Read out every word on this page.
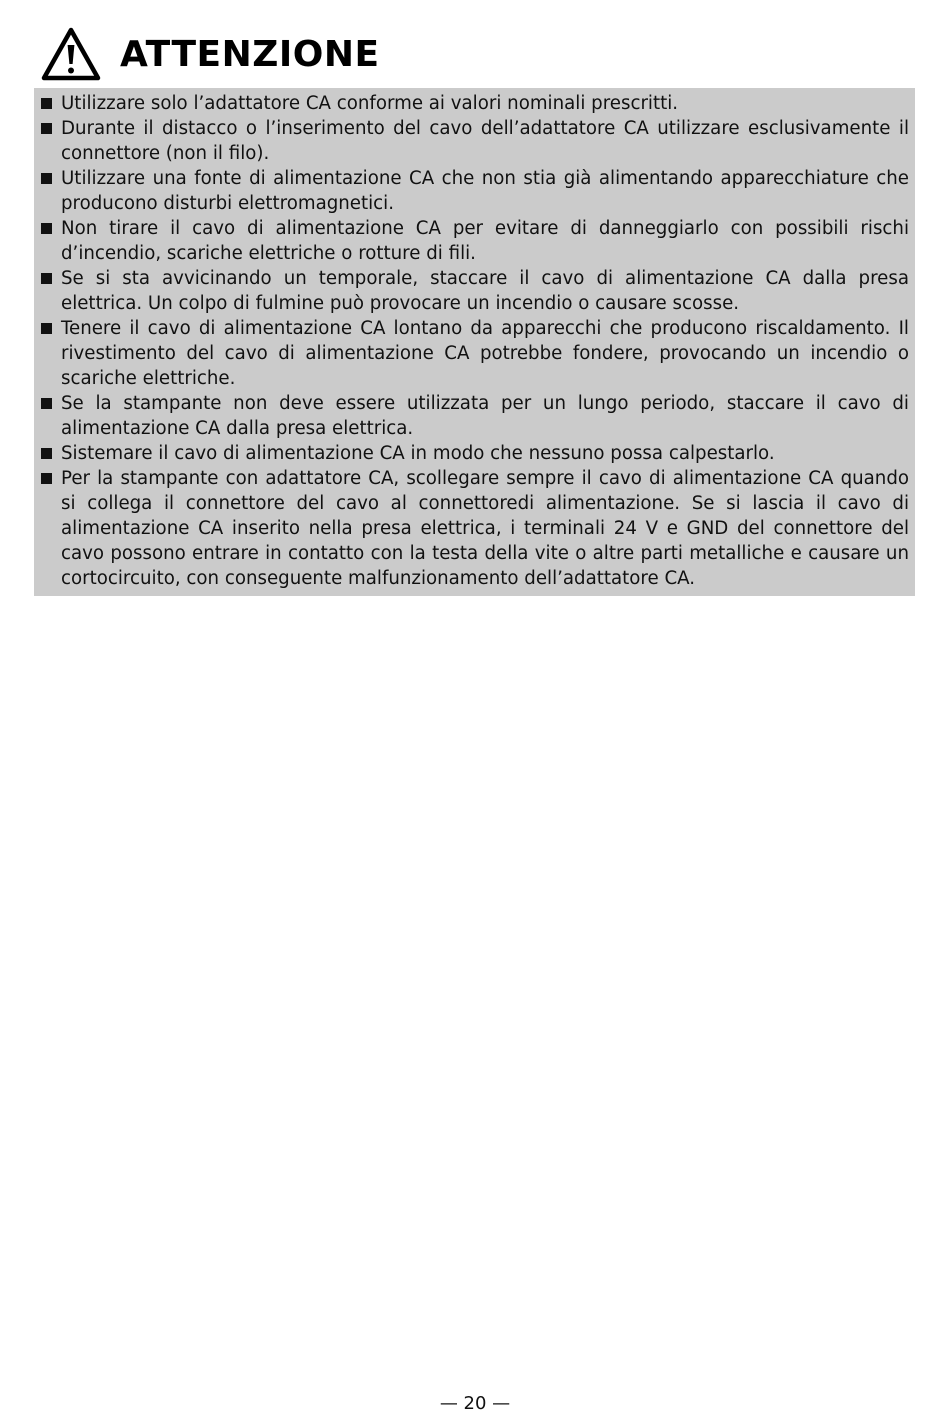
ATTENZIONE
Utilizzare solo l’adattatore CA conforme ai valori nominali prescritti.
Durante il distacco o l’inserimento del cavo dell’adattatore CA utilizzare esclusivamente il connettore (non il filo).
Utilizzare una fonte di alimentazione CA che non stia già alimentando apparecchiature che producono disturbi elettromagnetici.
Non tirare il cavo di alimentazione CA per evitare di danneggiarlo con possibili rischi d’incendio, scariche elettriche o rotture di fili.
Se si sta avvicinando un temporale, staccare il cavo di alimentazione CA dalla presa elettrica. Un colpo di fulmine può provocare un incendio o causare scosse.
Tenere il cavo di alimentazione CA lontano da apparecchi che producono riscaldamento. Il rivestimento del cavo di alimentazione CA potrebbe fondere, provocando un incendio o scariche elettriche.
Se la stampante non deve essere utilizzata per un lungo periodo, staccare il cavo di alimentazione CA dalla presa elettrica.
Sistemare il cavo di alimentazione CA in modo che nessuno possa calpestarlo.
Per la stampante con adattatore CA, scollegare sempre il cavo di alimentazione CA quando si collega il connettore del cavo al connettoredi alimentazione. Se si lascia il cavo di alimentazione CA inserito nella presa elettrica, i terminali 24 V e GND del connettore del cavo possono entrare in contatto con la testa della vite o altre parti metalliche e causare un cortocircuito, con conseguente malfunzionamento dell’adattatore CA.
— 20 —
